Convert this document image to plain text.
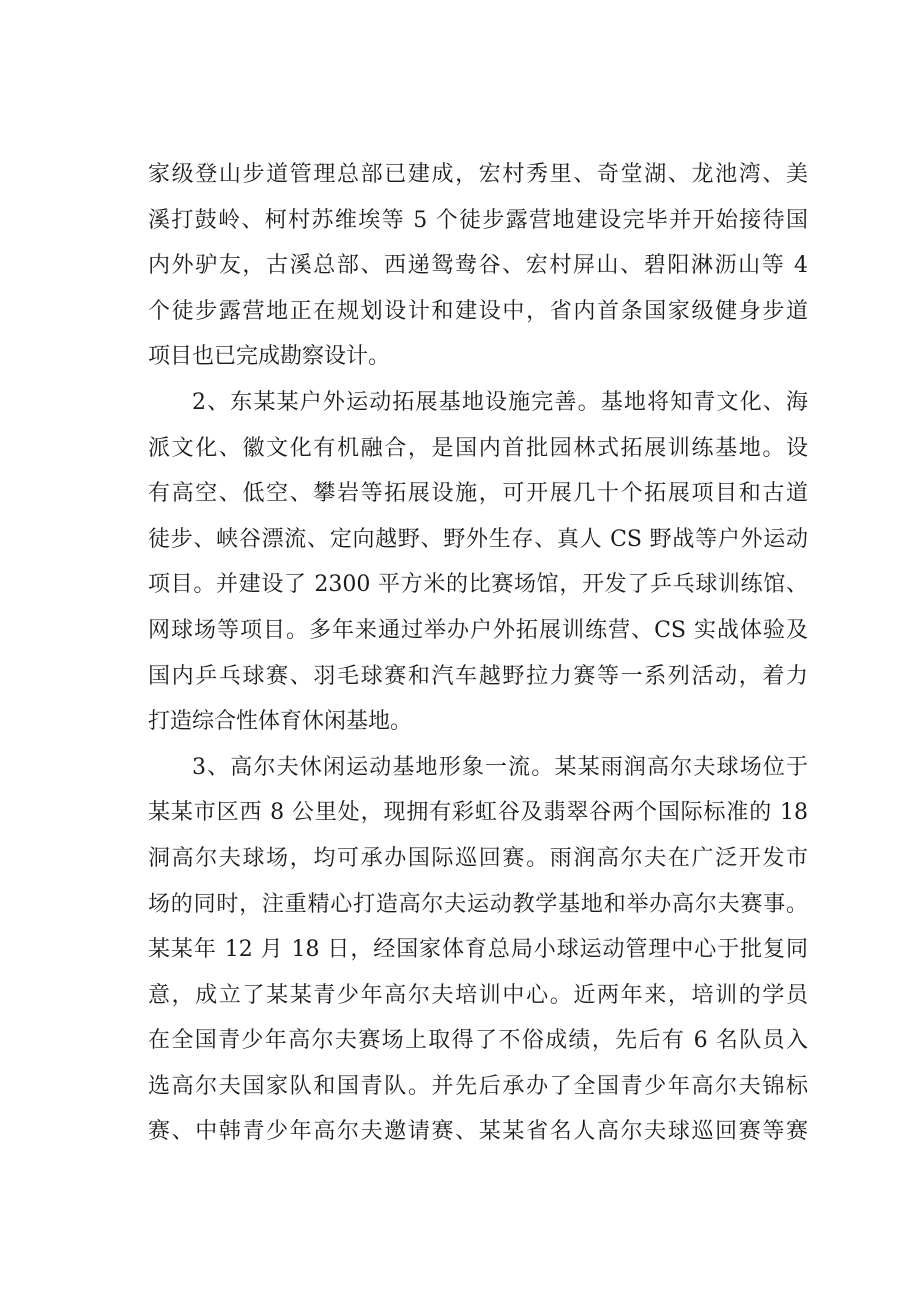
家级登山步道管理总部已建成，宏村秀里、奇堂湖、龙池湾、美
溪打鼓岭、柯村苏维埃等 5 个徒步露营地建设完毕并开始接待国
内外驴友，古溪总部、西递鸳鸯谷、宏村屏山、碧阳淋沥山等 4
个徒步露营地正在规划设计和建设中，省内首条国家级健身步道
项目也已完成勘察设计。
2、东某某户外运动拓展基地设施完善。基地将知青文化、海
派文化、徽文化有机融合，是国内首批园林式拓展训练基地。设
有高空、低空、攀岩等拓展设施，可开展几十个拓展项目和古道
徒步、峡谷漂流、定向越野、野外生存、真人 CS 野战等户外运动
项目。并建设了 2300 平方米的比赛场馆，开发了乒乓球训练馆、
网球场等项目。多年来通过举办户外拓展训练营、CS 实战体验及
国内乒乓球赛、羽毛球赛和汽车越野拉力赛等一系列活动，着力
打造综合性体育休闲基地。
3、高尔夫休闲运动基地形象一流。某某雨润高尔夫球场位于
某某市区西 8 公里处，现拥有彩虹谷及翡翠谷两个国际标准的 18
洞高尔夫球场，均可承办国际巡回赛。雨润高尔夫在广泛开发市
场的同时，注重精心打造高尔夫运动教学基地和举办高尔夫赛事。
某某年 12 月 18 日，经国家体育总局小球运动管理中心于批复同
意，成立了某某青少年高尔夫培训中心。近两年来，培训的学员
在全国青少年高尔夫赛场上取得了不俗成绩，先后有 6 名队员入
选高尔夫国家队和国青队。并先后承办了全国青少年高尔夫锦标
赛、中韩青少年高尔夫邀请赛、某某省名人高尔夫球巡回赛等赛
